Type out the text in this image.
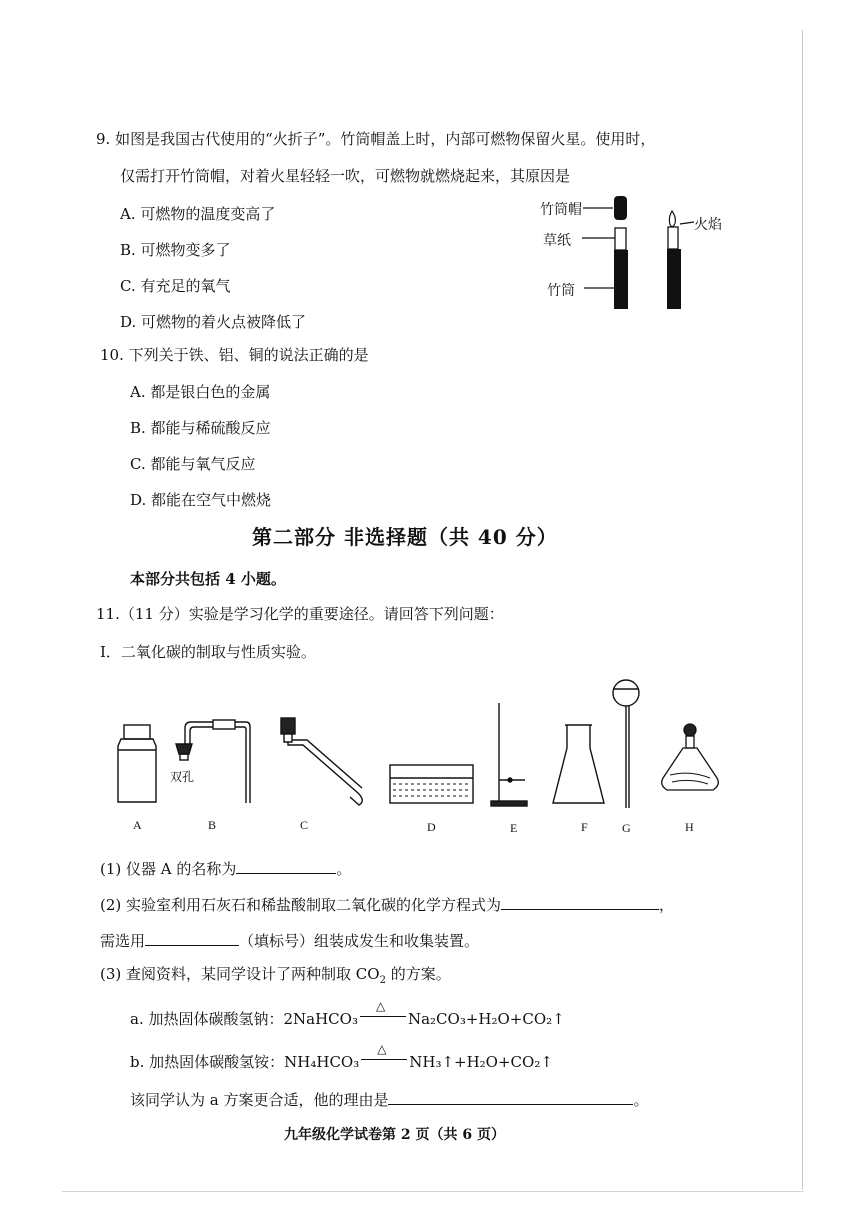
9. 如图是我国古代使用的“火折子”。竹筒帽盖上时，内部可燃物保留火星。使用时，
仅需打开竹筒帽，对着火星轻轻一吹，可燃物就燃烧起来，其原因是
A. 可燃物的温度变高了
B. 可燃物变多了
C. 有充足的氧气
D. 可燃物的着火点被降低了
竹筒帽
草纸
竹筒
火焰
10. 下列关于铁、铝、铜的说法正确的是
A. 都是银白色的金属
B. 都能与稀硫酸反应
C. 都能与氧气反应
D. 都能在空气中燃烧
第二部分 非选择题（共 40 分）
本部分共包括 4 小题。
11.（11 分）实验是学习化学的重要途径。请回答下列问题：
Ⅰ．二氧化碳的制取与性质实验。
双孔
A	B	C	D	E	F	G	H
(1) 仪器 A 的名称为	。
(2) 实验室利用石灰石和稀盐酸制取二氧化碳的化学方程式为	，
需选用	（填标号）组装成发生和收集装置。
(3) 查阅资料，某同学设计了两种制取 $CO_2$ 的方案。
a. 加热固体碳酸氢钠：2NaHCO₃
△
Na₂CO₃+H₂O+CO₂↑
b. 加热固体碳酸氢铵：NH₄HCO₃
△
NH₃↑+H₂O+CO₂↑
该同学认为 a 方案更合适，他的理由是	。
九年级化学试卷第 2 页（共 6 页）
